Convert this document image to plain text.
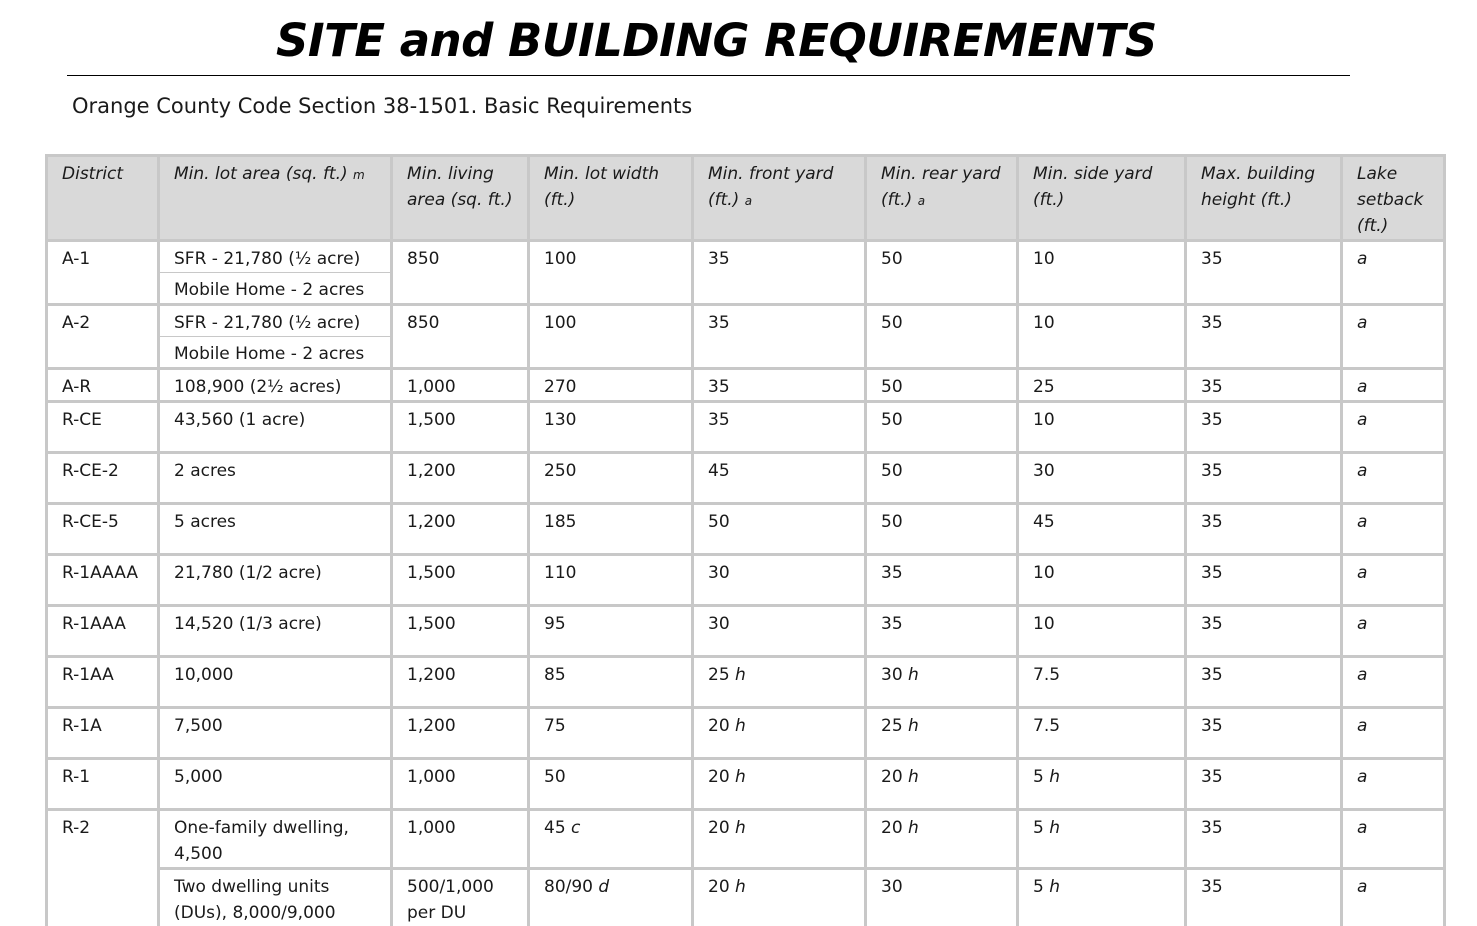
SITE and BUILDING REQUIREMENTS
Orange County Code Section 38-1501. Basic Requirements
District	Min. lot area (sq. ft.) m	Min. living area (sq. ft.)	Min. lot width (ft.)	Min. front yard (ft.) a	Min. rear yard (ft.) a	Min. side yard (ft.)	Max. building height (ft.)	Lake setback (ft.)
A-1	SFR - 21,780 (½ acre)	850	100	35	50	10	35	a
	Mobile Home - 2 acres							
A-2	SFR - 21,780 (½ acre)	850	100	35	50	10	35	a
	Mobile Home - 2 acres							
A-R	108,900 (2½ acres)	1,000	270	35	50	25	35	a
R-CE	43,560 (1 acre)	1,500	130	35	50	10	35	a
R-CE-2	2 acres	1,200	250	45	50	30	35	a
R-CE-5	5 acres	1,200	185	50	50	45	35	a
R-1AAAA	21,780 (1/2 acre)	1,500	110	30	35	10	35	a
R-1AAA	14,520 (1/3 acre)	1,500	95	30	35	10	35	a
R-1AA	10,000	1,200	85	25 h	30 h	7.5	35	a
R-1A	7,500	1,200	75	20 h	25 h	7.5	35	a
R-1	5,000	1,000	50	20 h	20 h	5 h	35	a
R-2	One-family dwelling, 4,500	1,000	45 c	20 h	20 h	5 h	35	a
	Two dwelling units (DUs), 8,000/9,000	500/1,000 per DU	80/90 d	20 h	30	5 h	35	a
